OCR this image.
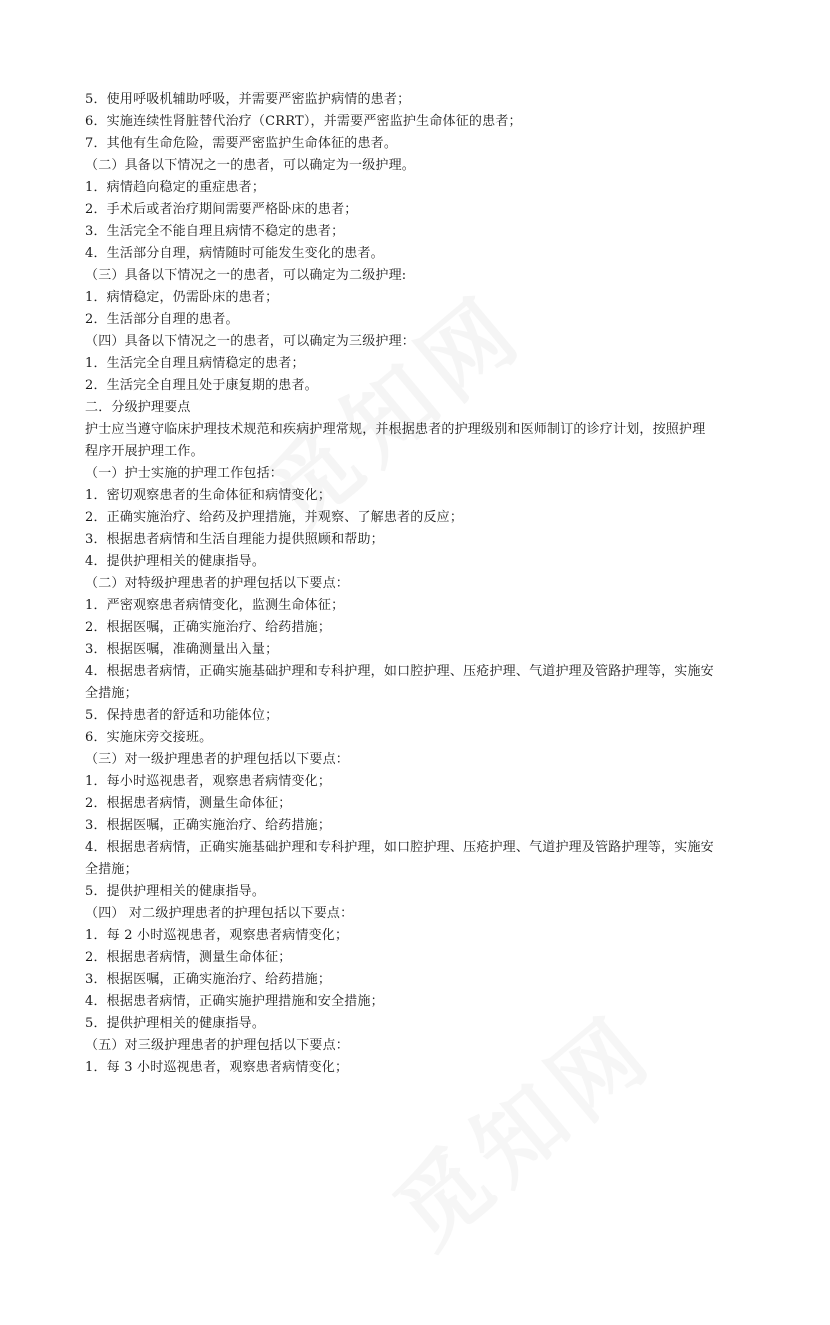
5．使用呼吸机辅助呼吸，并需要严密监护病情的患者；
6．实施连续性肾脏替代治疗（CRRT），并需要严密监护生命体征的患者；
7．其他有生命危险，需要严密监护生命体征的患者。
（二）具备以下情况之一的患者，可以确定为一级护理。
1．病情趋向稳定的重症患者；
2．手术后或者治疗期间需要严格卧床的患者；
3．生活完全不能自理且病情不稳定的患者；
4．生活部分自理，病情随时可能发生变化的患者。
（三）具备以下情况之一的患者，可以确定为二级护理:
1．病情稳定，仍需卧床的患者；
2．生活部分自理的患者。
（四）具备以下情况之一的患者，可以确定为三级护理：
1．生活完全自理且病情稳定的患者；
2．生活完全自理且处于康复期的患者。
二．分级护理要点
护士应当遵守临床护理技术规范和疾病护理常规，并根据患者的护理级别和医师制订的诊疗计划，按照护理
程序开展护理工作。
（一）护士实施的护理工作包括：
1．密切观察患者的生命体征和病情变化；
2．正确实施治疗、给药及护理措施，并观察、了解患者的反应；
3．根据患者病情和生活自理能力提供照顾和帮助；
4．提供护理相关的健康指导。
（二）对特级护理患者的护理包括以下要点：
1．严密观察患者病情变化，监测生命体征；
2．根据医嘱，正确实施治疗、给药措施；
3．根据医嘱，准确测量出入量；
4．根据患者病情，正确实施基础护理和专科护理，如口腔护理、压疮护理、气道护理及管路护理等，实施安
全措施；
5．保持患者的舒适和功能体位；
6．实施床旁交接班。
（三）对一级护理患者的护理包括以下要点：
1．每小时巡视患者，观察患者病情变化；
2．根据患者病情，测量生命体征；
3．根据医嘱，正确实施治疗、给药措施；
4．根据患者病情，正确实施基础护理和专科护理，如口腔护理、压疮护理、气道护理及管路护理等，实施安
全措施；
5．提供护理相关的健康指导。
（四） 对二级护理患者的护理包括以下要点：
1．每 2 小时巡视患者，观察患者病情变化；
2．根据患者病情，测量生命体征；
3．根据医嘱，正确实施治疗、给药措施；
4．根据患者病情，正确实施护理措施和安全措施；
5．提供护理相关的健康指导。
（五）对三级护理患者的护理包括以下要点：
1．每 3 小时巡视患者，观察患者病情变化；
